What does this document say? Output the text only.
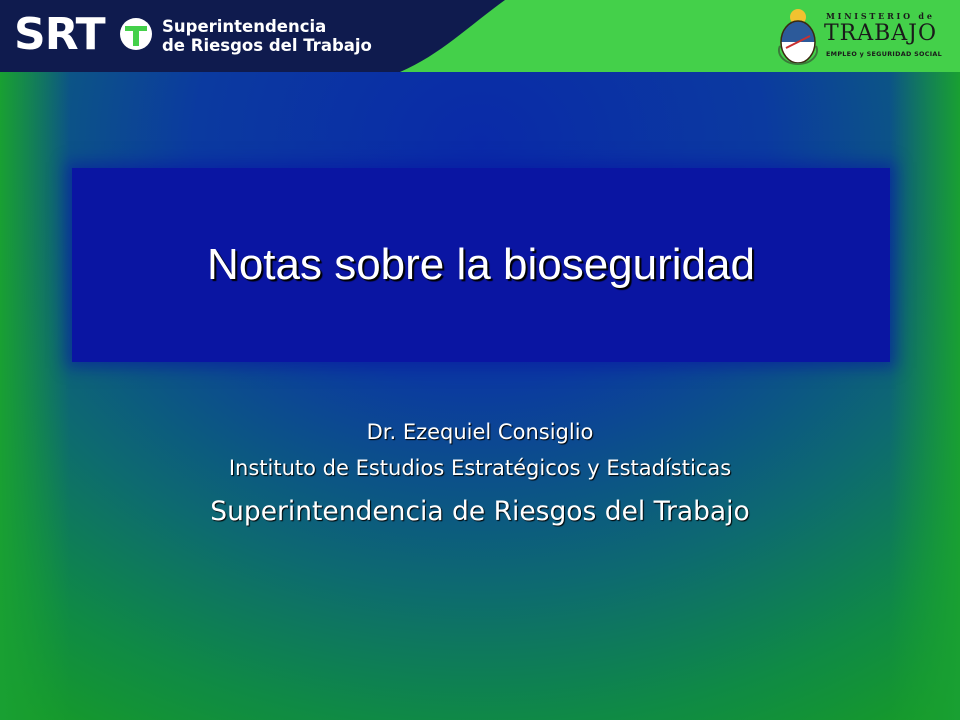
SRT	Superintendencia
de Riesgos del Trabajo
MINISTERIO de
TRABAJO
EMPLEO y SEGURIDAD SOCIAL
Notas sobre la bioseguridad
Dr. Ezequiel Consiglio
Instituto de Estudios Estratégicos y Estadísticas
Superintendencia de Riesgos del Trabajo
